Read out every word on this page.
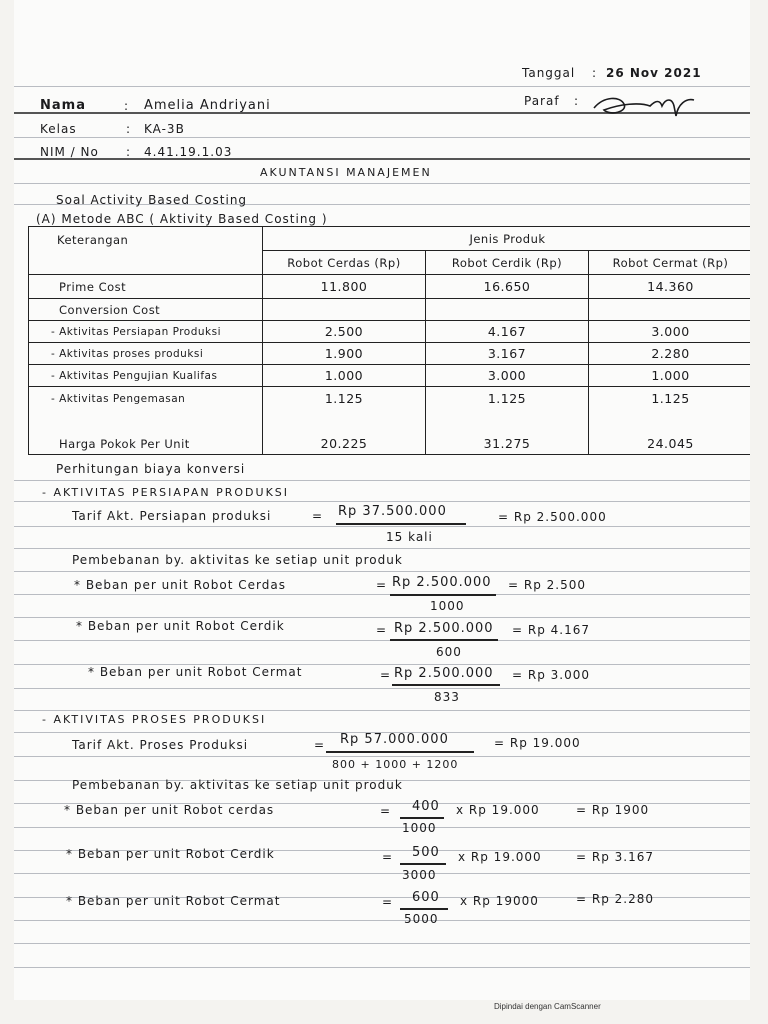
Tanggal : 26 Nov 2021
Paraf :
Nama	: Amelia Andriyani
Kelas	: KA-3B
NIM / No : 4.41.19.1.03
AKUNTANSI MANAJEMEN
Soal Activity Based Costing
(A) Metode ABC ( Aktivity Based Costing )
Keterangan	Jenis Produk		
	Robot Cerdas (Rp)	Robot Cerdik (Rp)	Robot Cermat (Rp)
Prime Cost	11.800	16.650	14.360
Conversion Cost			
- Aktivitas Persiapan Produksi	2.500	4.167	3.000
- Aktivitas proses produksi	1.900	3.167	2.280
- Aktivitas Pengujian Kualifas	1.000	3.000	1.000
- Aktivitas Pengemasan	1.125	1.125	1.125
Harga Pokok Per Unit	20.225	31.275	24.045
Perhitungan biaya konversi
- AKTIVITAS PERSIAPAN PRODUKSI
Tarif Akt. Persiapan produksi	= Rp 37.500.000
15 kali
= Rp 2.500.000
Pembebanan by. aktivitas ke setiap unit produk
* Beban per unit Robot Cerdas	= Rp 2.500.000
1000
= Rp 2.500
* Beban per unit Robot Cerdik	= Rp 2.500.000
600
= Rp 4.167
* Beban per unit Robot Cermat	= Rp 2.500.000
833
= Rp 3.000
- AKTIVITAS PROSES PRODUKSI
Tarif Akt. Proses Produksi	= Rp 57.000.000
800 + 1000 + 1200
= Rp 19.000
Pembebanan by. aktivitas ke setiap unit produk
* Beban per unit Robot cerdas	= 400
1000
x Rp 19.000	= Rp 1900
* Beban per unit Robot Cerdik	= 500
3000
x Rp 19.000	= Rp 3.167
* Beban per unit Robot Cermat	= 600
5000
x Rp 19000	= Rp 2.280
Dipindai dengan CamScanner
